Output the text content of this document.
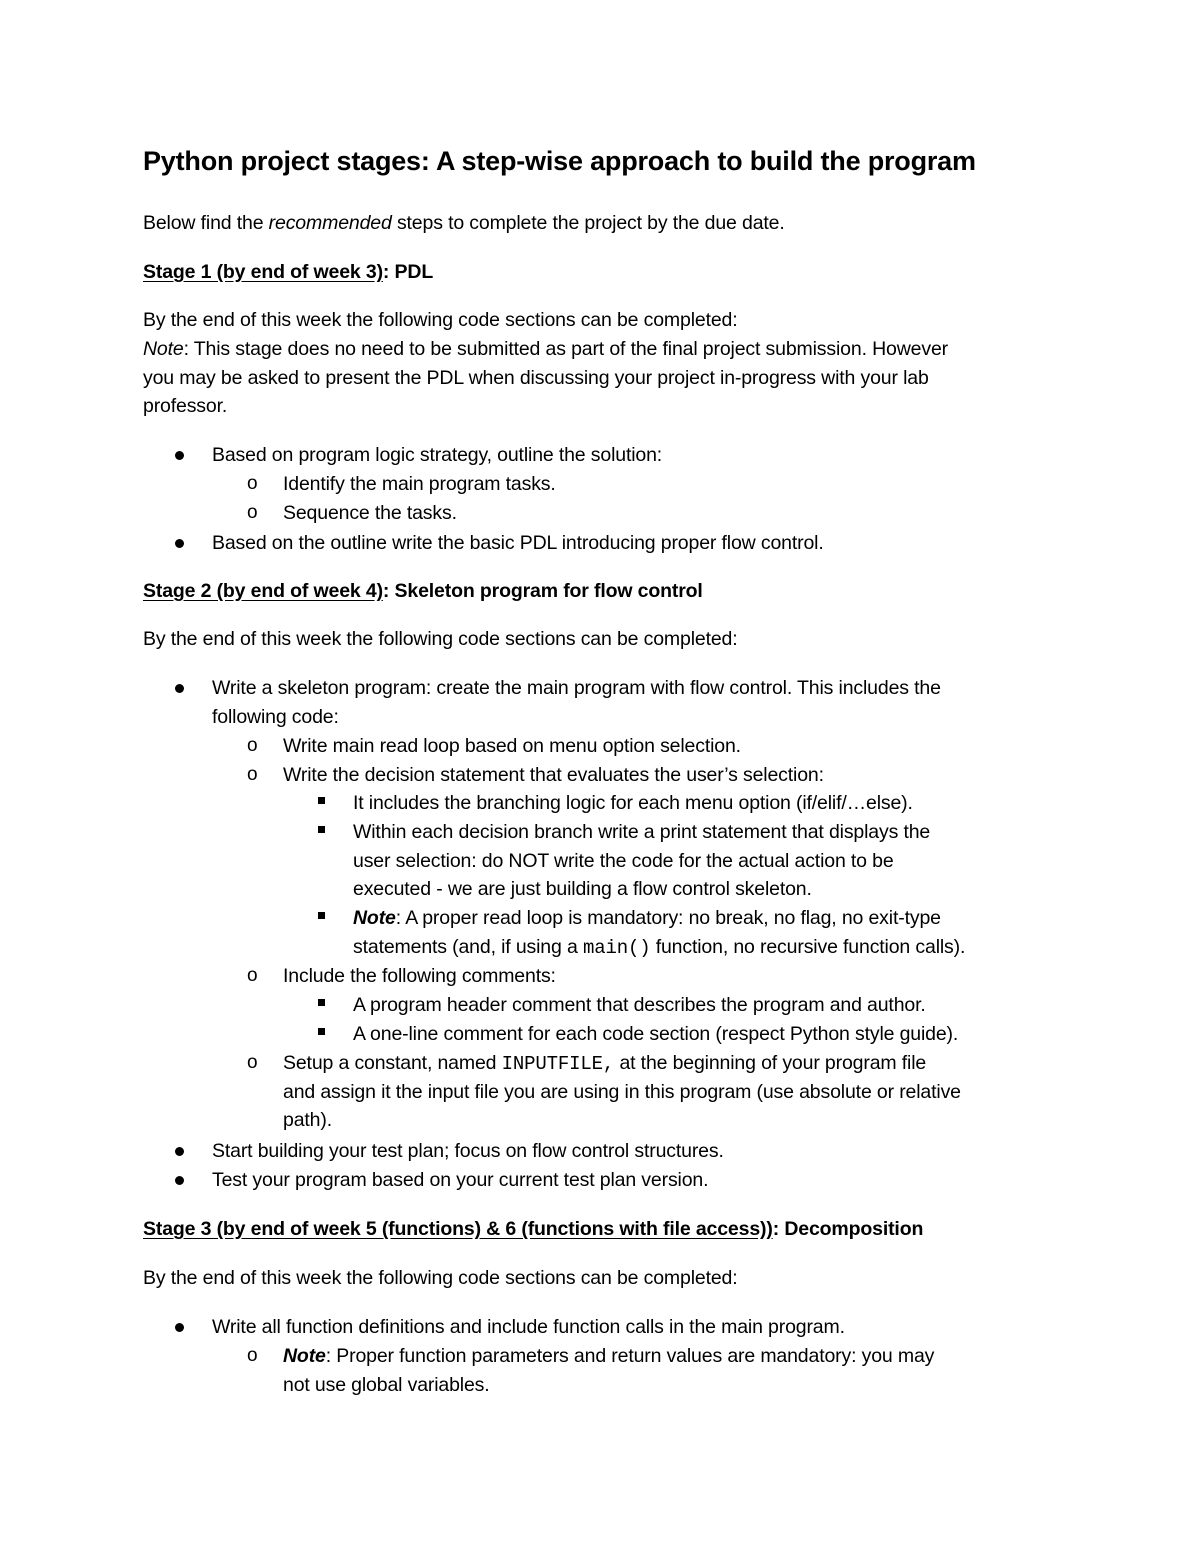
Python project stages: A step-wise approach to build the program
Below find the recommended steps to complete the project by the due date.
Stage 1 (by end of week 3): PDL
By the end of this week the following code sections can be completed:
Note: This stage does no need to be submitted as part of the final project submission. However
you may be asked to present the PDL when discussing your project in-progress with your lab
professor.
Based on program logic strategy, outline the solution:
o Identify the main program tasks.
o Sequence the tasks.
Based on the outline write the basic PDL introducing proper flow control.
Stage 2 (by end of week 4): Skeleton program for flow control
By the end of this week the following code sections can be completed:
Write a skeleton program: create the main program with flow control. This includes the
following code:
o Write main read loop based on menu option selection.
o Write the decision statement that evaluates the user’s selection:
It includes the branching logic for each menu option (if/elif/…else).
Within each decision branch write a print statement that displays the
user selection: do NOT write the code for the actual action to be
executed - we are just building a flow control skeleton.
Note: A proper read loop is mandatory: no break, no flag, no exit-type
statements (and, if using a main() function, no recursive function calls).
o Include the following comments:
A program header comment that describes the program and author.
A one-line comment for each code section (respect Python style guide).
o Setup a constant, named INPUTFILE, at the beginning of your program file
and assign it the input file you are using in this program (use absolute or relative
path).
Start building your test plan; focus on flow control structures.
Test your program based on your current test plan version.
Stage 3 (by end of week 5 (functions) & 6 (functions with file access)): Decomposition
By the end of this week the following code sections can be completed:
Write all function definitions and include function calls in the main program.
o Note: Proper function parameters and return values are mandatory: you may
not use global variables.
